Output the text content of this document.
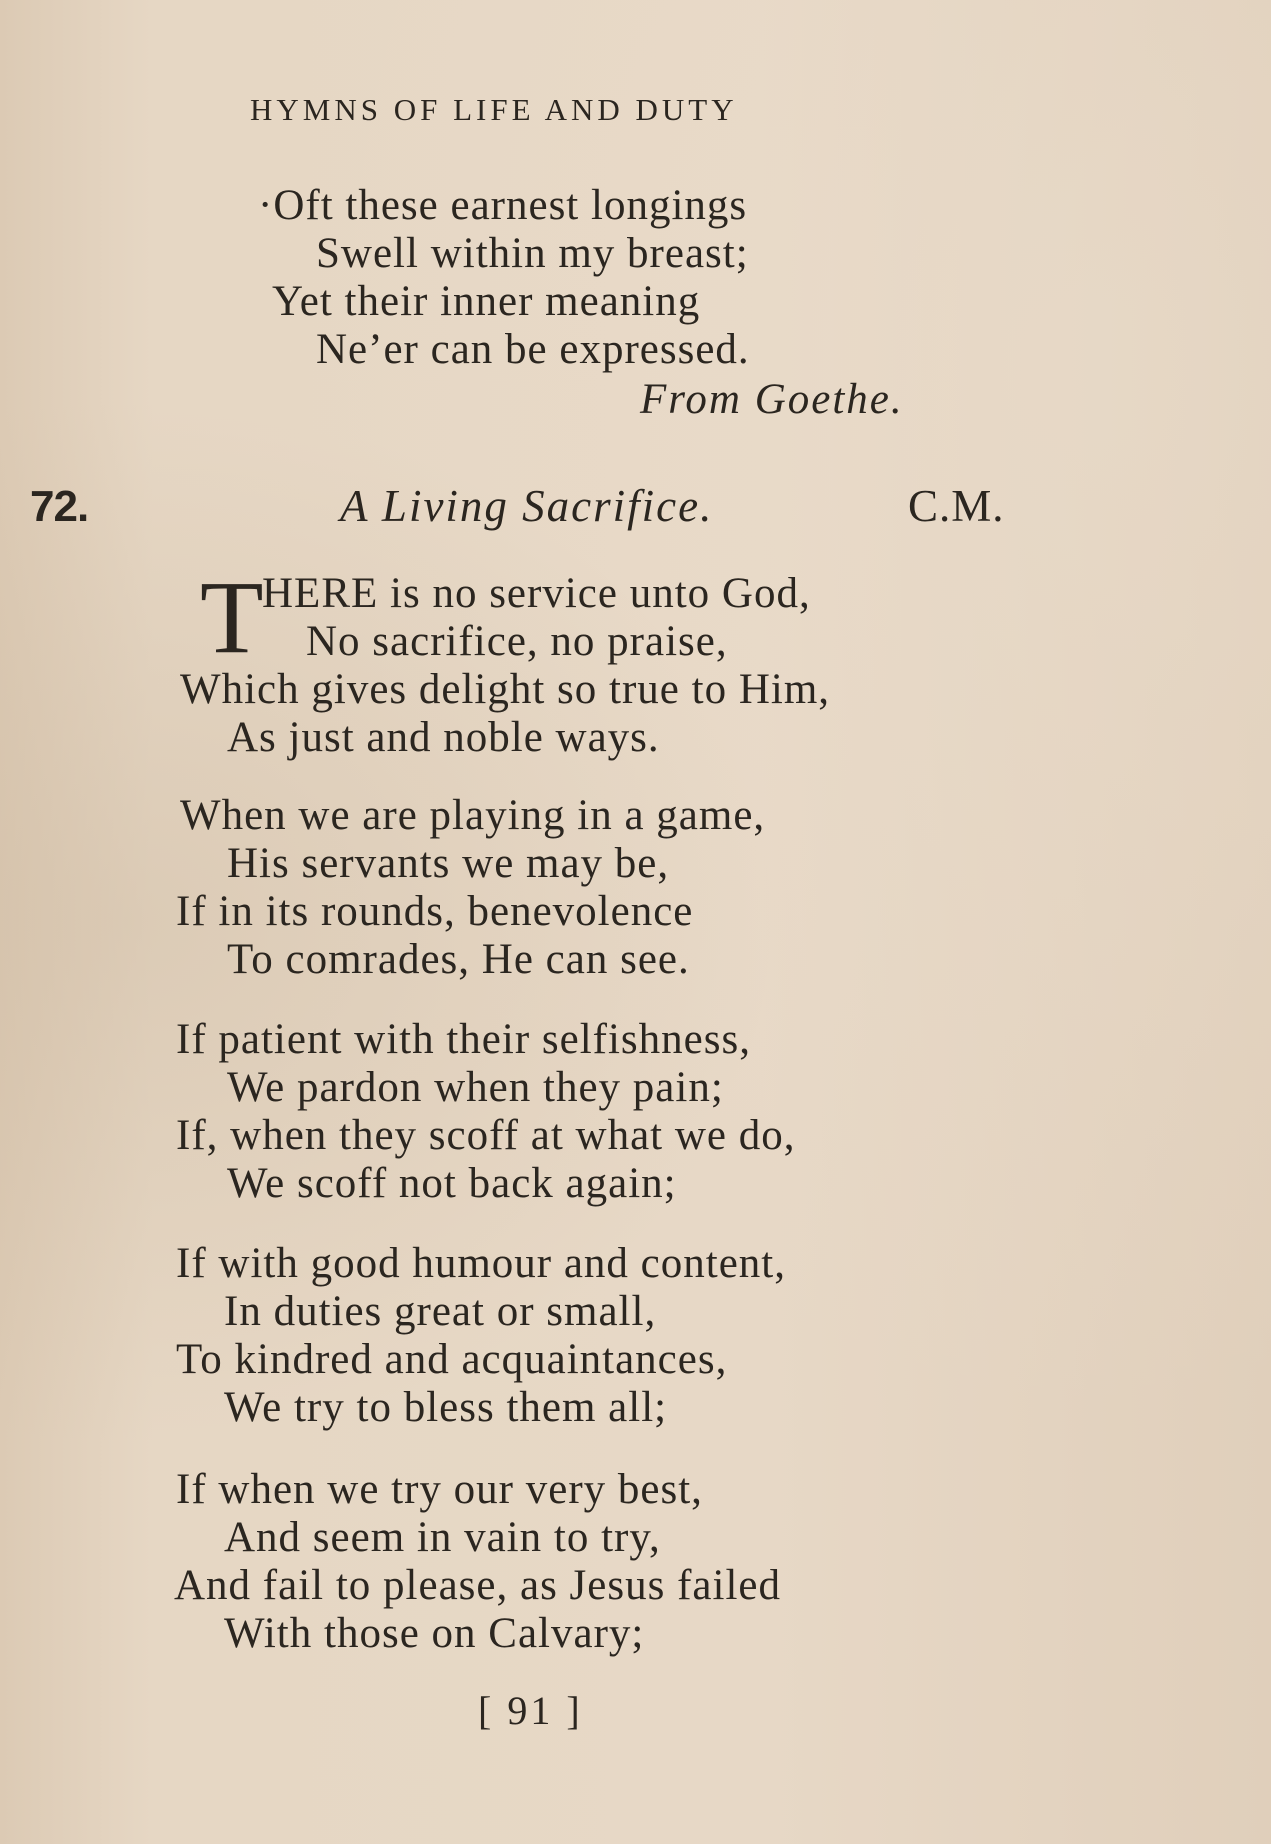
HYMNS OF LIFE AND DUTY
·Oft these earnest longings
Swell within my breast;
Yet their inner meaning
Ne’er can be expressed.
From Goethe.
72.	A Living Sacrifice.	C.M.
T
HERE is no service unto God,
No sacrifice, no praise,
Which gives delight so true to Him,
As just and noble ways.
When we are playing in a game,
His servants we may be,
If in its rounds, benevolence
To comrades, He can see.
If patient with their selfishness,
We pardon when they pain;
If, when they scoff at what we do,
We scoff not back again;
If with good humour and content,
In duties great or small,
To kindred and acquaintances,
We try to bless them all;
If when we try our very best,
And seem in vain to try,
And fail to please, as Jesus failed
With those on Calvary;
[ 91 ]
